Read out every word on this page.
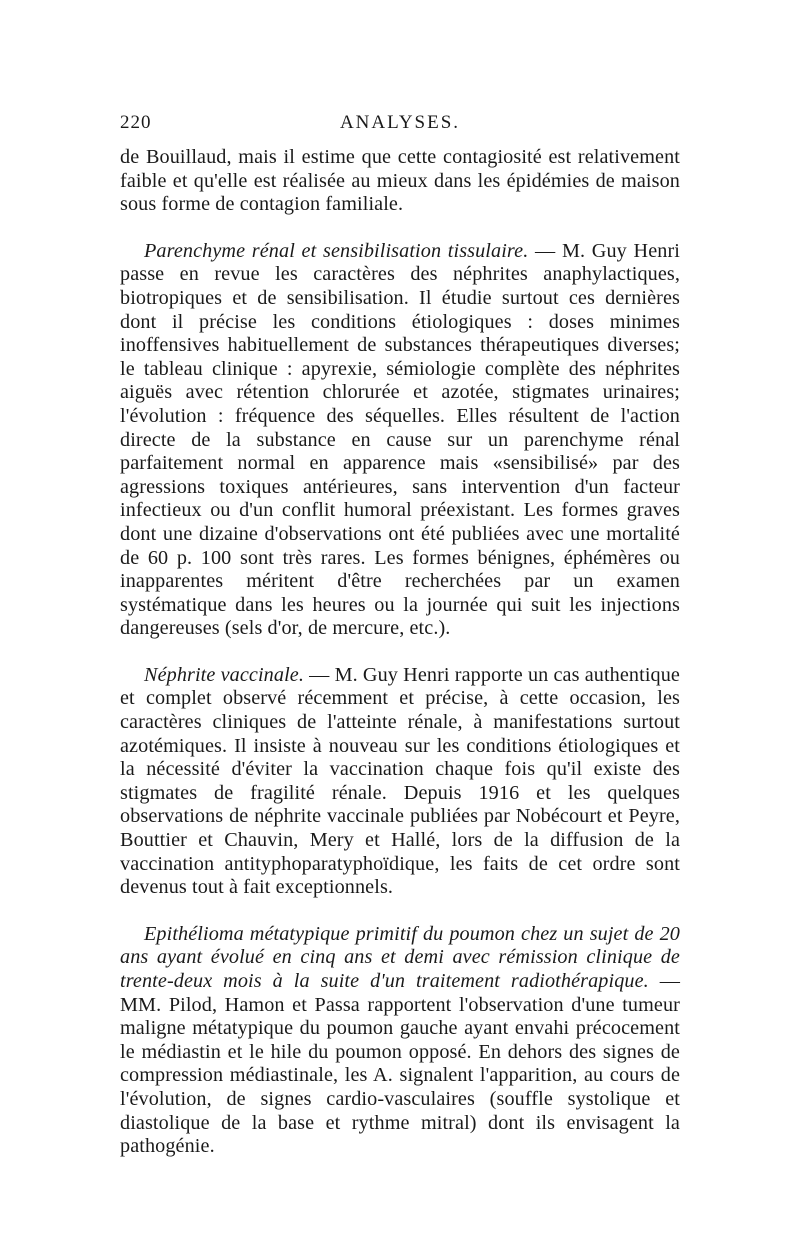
220	ANALYSES.

de Bouillaud, mais il estime que cette contagiosité est relativement faible et qu'elle est réalisée au mieux dans les épidémies de maison sous forme de contagion familiale.

Parenchyme rénal et sensibilisation tissulaire. — M. Guy Henri passe en revue les caractères des néphrites anaphylactiques, biotropiques et de sensibilisation. Il étudie surtout ces dernières dont il précise les conditions étiologiques : doses minimes inoffensives habituellement de substances thérapeutiques diverses; le tableau clinique : apyrexie, sémiologie complète des néphrites aiguës avec rétention chlorurée et azotée, stigmates urinaires; l'évolution : fréquence des séquelles. Elles résultent de l'action directe de la substance en cause sur un parenchyme rénal parfaitement normal en apparence mais «sensibilisé» par des agressions toxiques antérieures, sans intervention d'un facteur infectieux ou d'un conflit humoral préexistant. Les formes graves dont une dizaine d'observations ont été publiées avec une mortalité de 60 p. 100 sont très rares. Les formes bénignes, éphémères ou inapparentes méritent d'être recherchées par un examen systématique dans les heures ou la journée qui suit les injections dangereuses (sels d'or, de mercure, etc.).

Néphrite vaccinale. — M. Guy Henri rapporte un cas authentique et complet observé récemment et précise, à cette occasion, les caractères cliniques de l'atteinte rénale, à manifestations surtout azotémiques. Il insiste à nouveau sur les conditions étiologiques et la nécessité d'éviter la vaccination chaque fois qu'il existe des stigmates de fragilité rénale. Depuis 1916 et les quelques observations de néphrite vaccinale publiées par Nobécourt et Peyre, Bouttier et Chauvin, Mery et Hallé, lors de la diffusion de la vaccination antityphoparatyphoïdique, les faits de cet ordre sont devenus tout à fait exceptionnels.

Epithélioma métatypique primitif du poumon chez un sujet de 20 ans ayant évolué en cinq ans et demi avec rémission clinique de trente-deux mois à la suite d'un traitement radiothérapique. — MM. Pilod, Hamon et Passa rapportent l'observation d'une tumeur maligne métatypique du poumon gauche ayant envahi précocement le médiastin et le hile du poumon opposé. En dehors des signes de compression médiastinale, les A. signalent l'apparition, au cours de l'évolution, de signes cardio-vasculaires (souffle systolique et diastolique de la base et rythme mitral) dont ils envisagent la pathogénie.
